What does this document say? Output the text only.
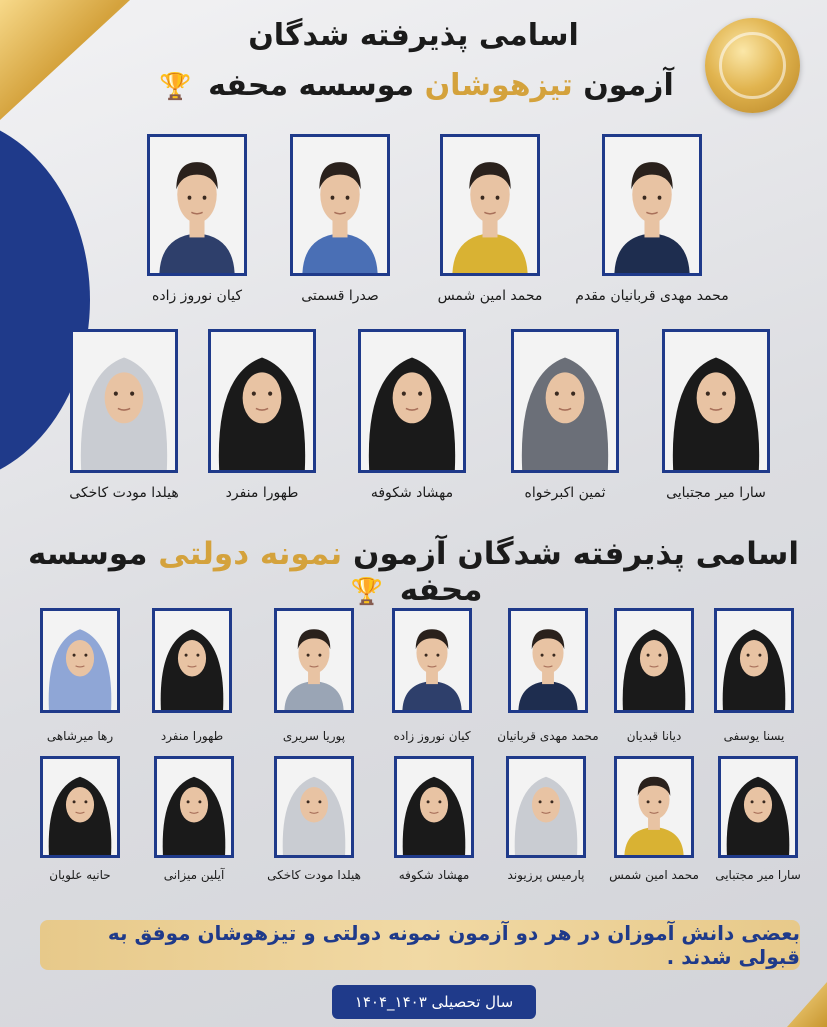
اسامی پذیرفته شدگان
آزمون تیزهوشان موسسه محفه 🏆
اسامی پذیرفته شدگان آزمون نمونه دولتی موسسه محفه 🏆
محمد مهدی قربانیان مقدم
محمد امین شمس
صدرا قسمتی
کیان نوروز زاده
سارا میر مجتبایی
ثمین اکبرخواه
مهشاد شکوفه
طهورا منفرد
هیلدا مودت کاخکی
یسنا یوسفی
دیانا قبدیان
محمد مهدی قربانیان
کیان نوروز زاده
پوریا سریری
طهورا منفرد
رها میرشاهی
سارا میر مجتبایی
محمد امین شمس
پارمیس پرزیوند
مهشاد شکوفه
هیلدا مودت کاخکی
آیلین میزانی
حانیه علویان
بعضی دانش آموزان در هر دو آزمون نمونه دولتی و تیزهوشان موفق به قبولی شدند .
سال تحصیلی ۱۴۰۳_۱۴۰۴
